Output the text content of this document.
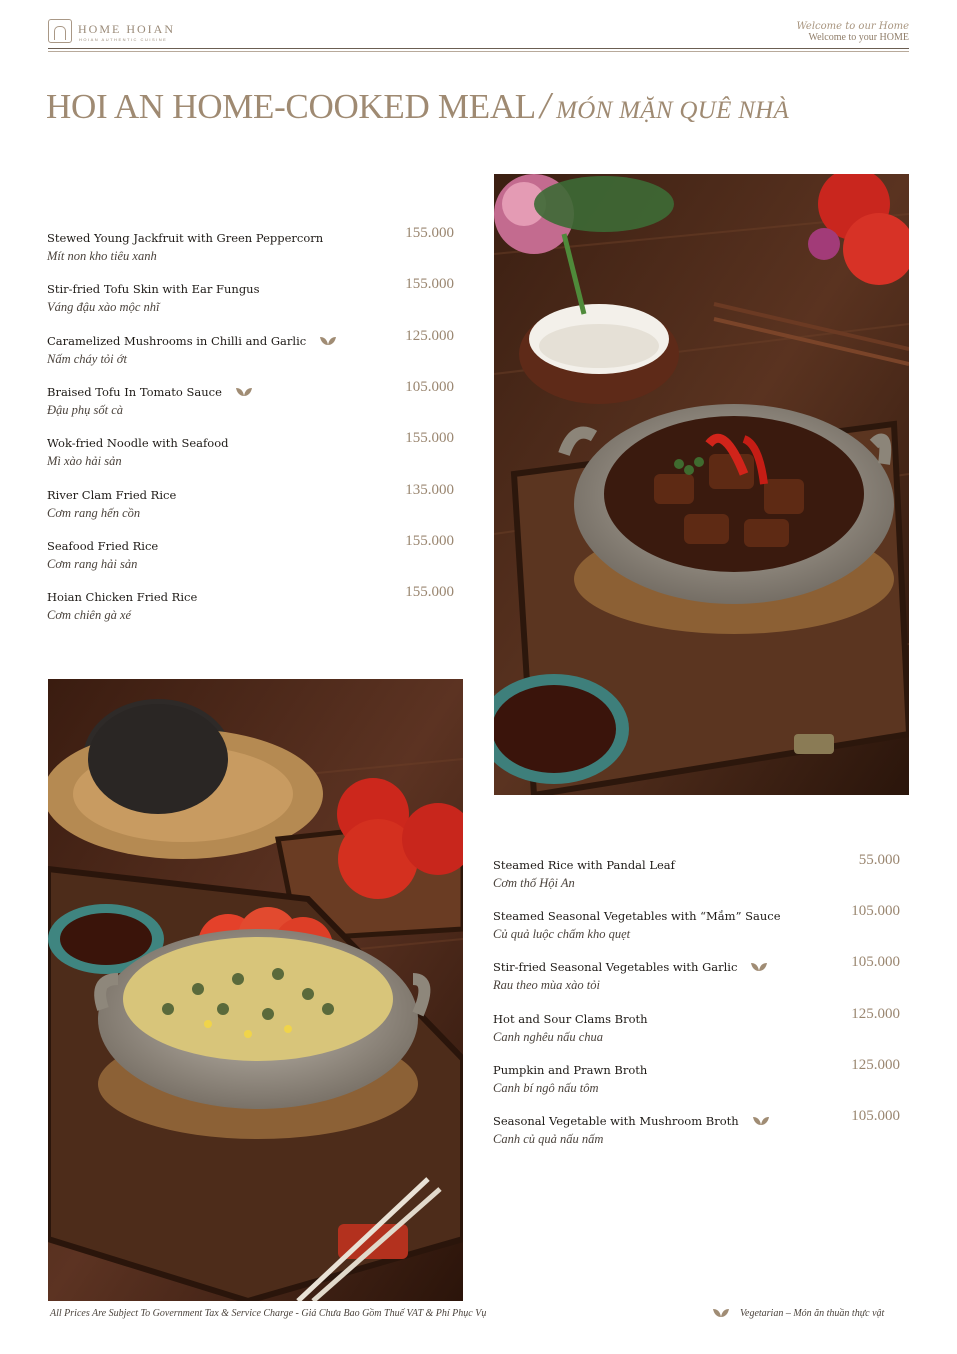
HOME HOIAN
HOIAN AUTHENTIC CUISINE
Welcome to our Home
Welcome to your HOME
HOI AN HOME-COOKED MEAL / MÓN MẶN QUÊ NHÀ
Stewed Young Jackfruit with Green Peppercorn
Mít non kho tiêu xanh
155.000
Stir-fried Tofu Skin with Ear Fungus
Váng đậu xào mộc nhĩ
155.000
Caramelized Mushrooms in Chilli and Garlic
Nấm cháy tỏi ớt
125.000
Braised Tofu In Tomato Sauce
Đậu phụ sốt cà
105.000
Wok-fried Noodle with Seafood
Mì xào hải sản
155.000
River Clam Fried Rice
Cơm rang hến cồn
135.000
Seafood Fried Rice
Cơm rang hải sản
155.000
Hoian Chicken Fried Rice
Cơm chiên gà xé
155.000
Steamed Rice with Pandal Leaf
Cơm thố Hội An
55.000
Steamed Seasonal Vegetables with “Mắm” Sauce
Củ quả luộc chấm kho quẹt
105.000
Stir-fried Seasonal Vegetables with Garlic
Rau theo mùa xào tỏi
105.000
Hot and Sour Clams Broth
Canh nghêu nấu chua
125.000
Pumpkin and Prawn Broth
Canh bí ngô nấu tôm
125.000
Seasonal Vegetable with Mushroom Broth
Canh củ quả nấu nấm
105.000
All Prices Are Subject To Government Tax & Service Charge - Giá Chưa Bao Gồm Thuế VAT & Phí Phục Vụ	Vegetarian – Món ăn thuần thực vật
